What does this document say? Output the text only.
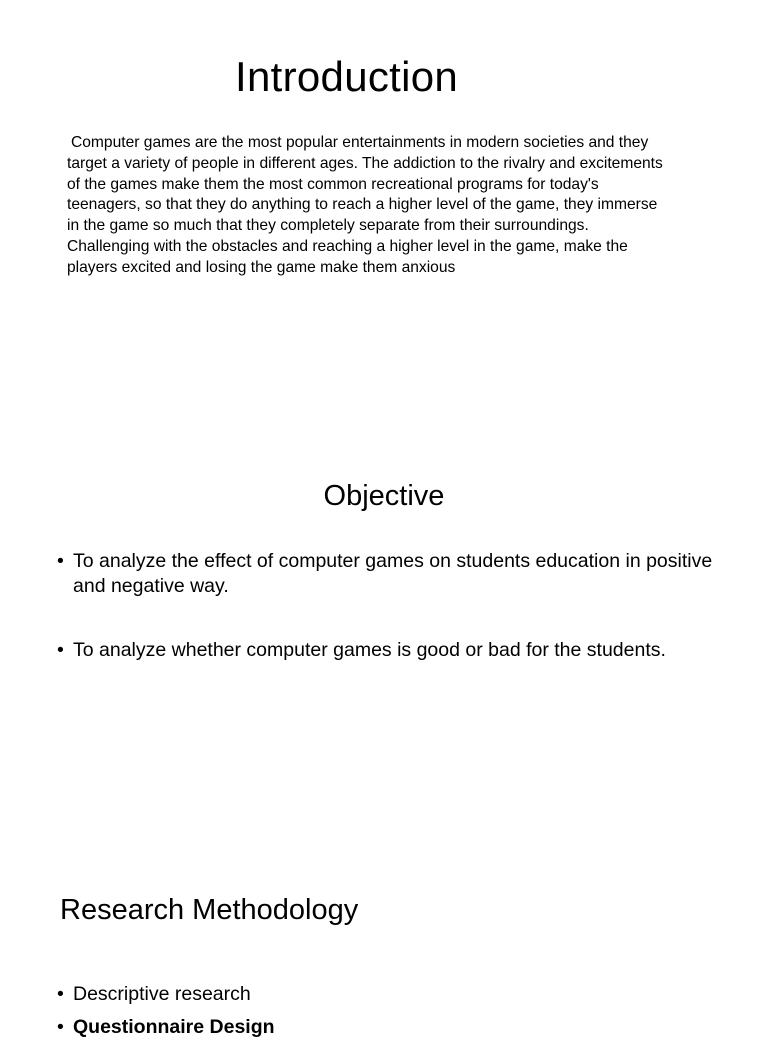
Introduction

Computer games are the most popular entertainments in modern societies and they target a variety of people in different ages. The addiction to the rivalry and excitements of the games make them the most common recreational programs for today's teenagers, so that they do anything to reach a higher level of the game, they immerse in the game so much that they completely separate from their surroundings. Challenging with the obstacles and reaching a higher level in the game, make the players excited and losing the game make them anxious

Objective
• To analyze the effect of computer games on students education in positive and negative way.
• To analyze whether computer games is good or bad for the students.
Research Methodology
• Descriptive research
• Questionnaire Design
